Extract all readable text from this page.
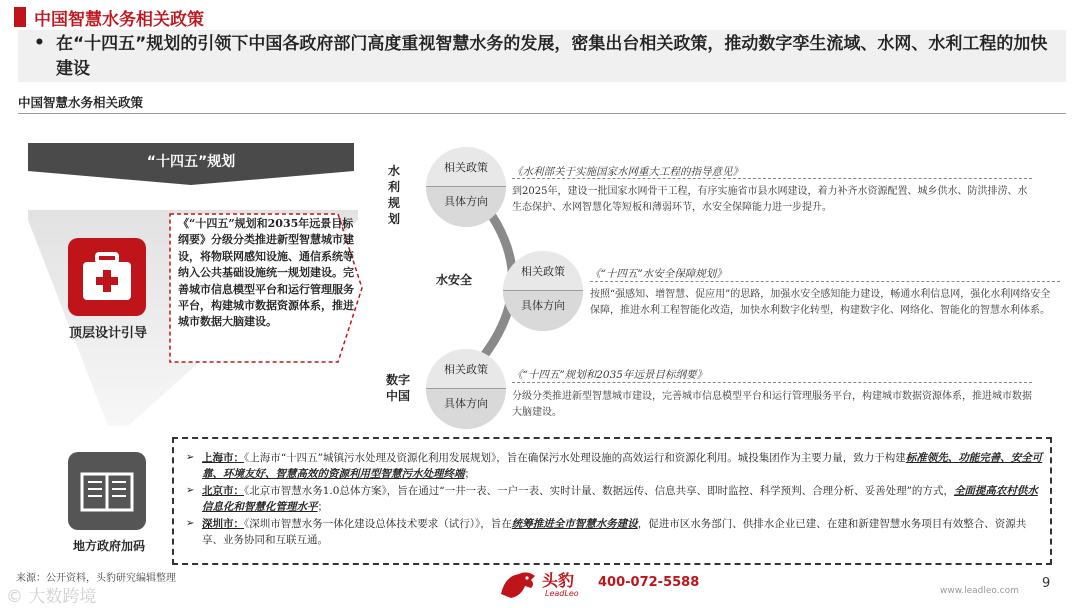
中国智慧水务相关政策
• 在“十四五”规划的引领下中国各政府部门高度重视智慧水务的发展，密集出台相关政策，推动数字孪生流域、水网、水利工程的加快建设
中国智慧水务相关政策
“十四五”规划
顶层设计引导
《“十四五”规划和2035年远景目标纲要》分级分类推进新型智慧城市建设，将物联网感知设施、通信系统等纳入公共基础设施统一规划建设。完善城市信息模型平台和运行管理服务平台，构建城市数据资源体系，推进城市数据大脑建设。
地方政府加码
水利规划
水安全
数字中国
相关政策
具体方向
相关政策
具体方向
相关政策
具体方向
《水利部关于实施国家水网重大工程的指导意见》
到2025年，建设一批国家水网骨干工程，有序实施省市县水网建设，着力补齐水资源配置、城乡供水、防洪排涝、水生态保护、水网智慧化等短板和薄弱环节，水安全保障能力进一步提升。
《“十四五”水安全保障规划》
按照“强感知、增智慧、促应用”的思路，加强水安全感知能力建设，畅通水利信息网，强化水利网络安全保障，推进水利工程智能化改造，加快水利数字化转型，构建数字化、网络化、智能化的智慧水利体系。
《“十四五”规划和2035年远景目标纲要》
分级分类推进新型智慧城市建设，完善城市信息模型平台和运行管理服务平台，构建城市数据资源体系，推进城市数据大脑建设。
➢ 上海市：《上海市“十四五”城镇污水处理及资源化利用发展规划》，旨在确保污水处理设施的高效运行和资源化利用。城投集团作为主要力量，致力于构建标准领先、功能完善、安全可靠、环境友好、智慧高效的资源利用型智慧污水处理终端；
➢ 北京市：《北京市智慧水务1.0总体方案》，旨在通过“一井一表、一户一表、实时计量、数据远传、信息共享、即时监控、科学预判、合理分析、妥善处理”的方式，全面提高农村供水信息化和智慧化管理水平；
➢ 深圳市：《深圳市智慧水务一体化建设总体技术要求（试行）》，旨在统筹推进全市智慧水务建设，促进市区水务部门、供排水企业已建、在建和新建智慧水务项目有效整合、资源共享、业务协同和互联互通。
来源：公开资料，头豹研究编辑整理
© 大数跨境
头豹
LeadLeo
400-072-5588
www.leadleo.com 9
